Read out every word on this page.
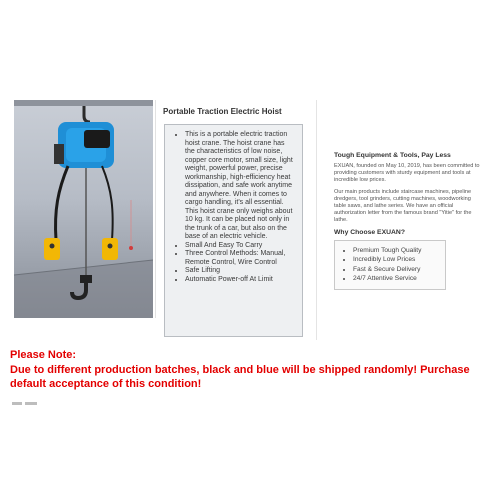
Portable Traction Electric Hoist
• This is a portable electric traction hoist crane. The hoist crane has the characteristics of low noise, copper core motor, small size, light weight, powerful power, precise workmanship, high-efficiency heat dissipation, and safe work anytime and anywhere. When it comes to cargo handling, it's all essential. This hoist crane only weighs about 10 kg. It can be placed not only in the trunk of a car, but also on the base of an electric vehicle.
• Small And Easy To Carry
• Three Control Methods: Manual, Remote Control, Wire Control
• Safe Lifting
• Automatic Power-off At Limit
Tough Equipment & Tools, Pay Less

EXUAN, founded on May 10, 2019, has been committed to providing customers with sturdy equipment and tools at incredible low prices.

Our main products include staircase machines, pipeline dredgers, tool grinders, cutting machines, woodworking table saws, and lathe series. We have an official authorization letter from the famous brand "Yitie" for the lathe.

Why Choose EXUAN?
• Premium Tough Quality
• Incredibly Low Prices
• Fast & Secure Delivery
• 24/7 Attentive Service
Please Note:
Due to different production batches, black and blue will be shipped randomly! Purchase
default acceptance of this condition!
